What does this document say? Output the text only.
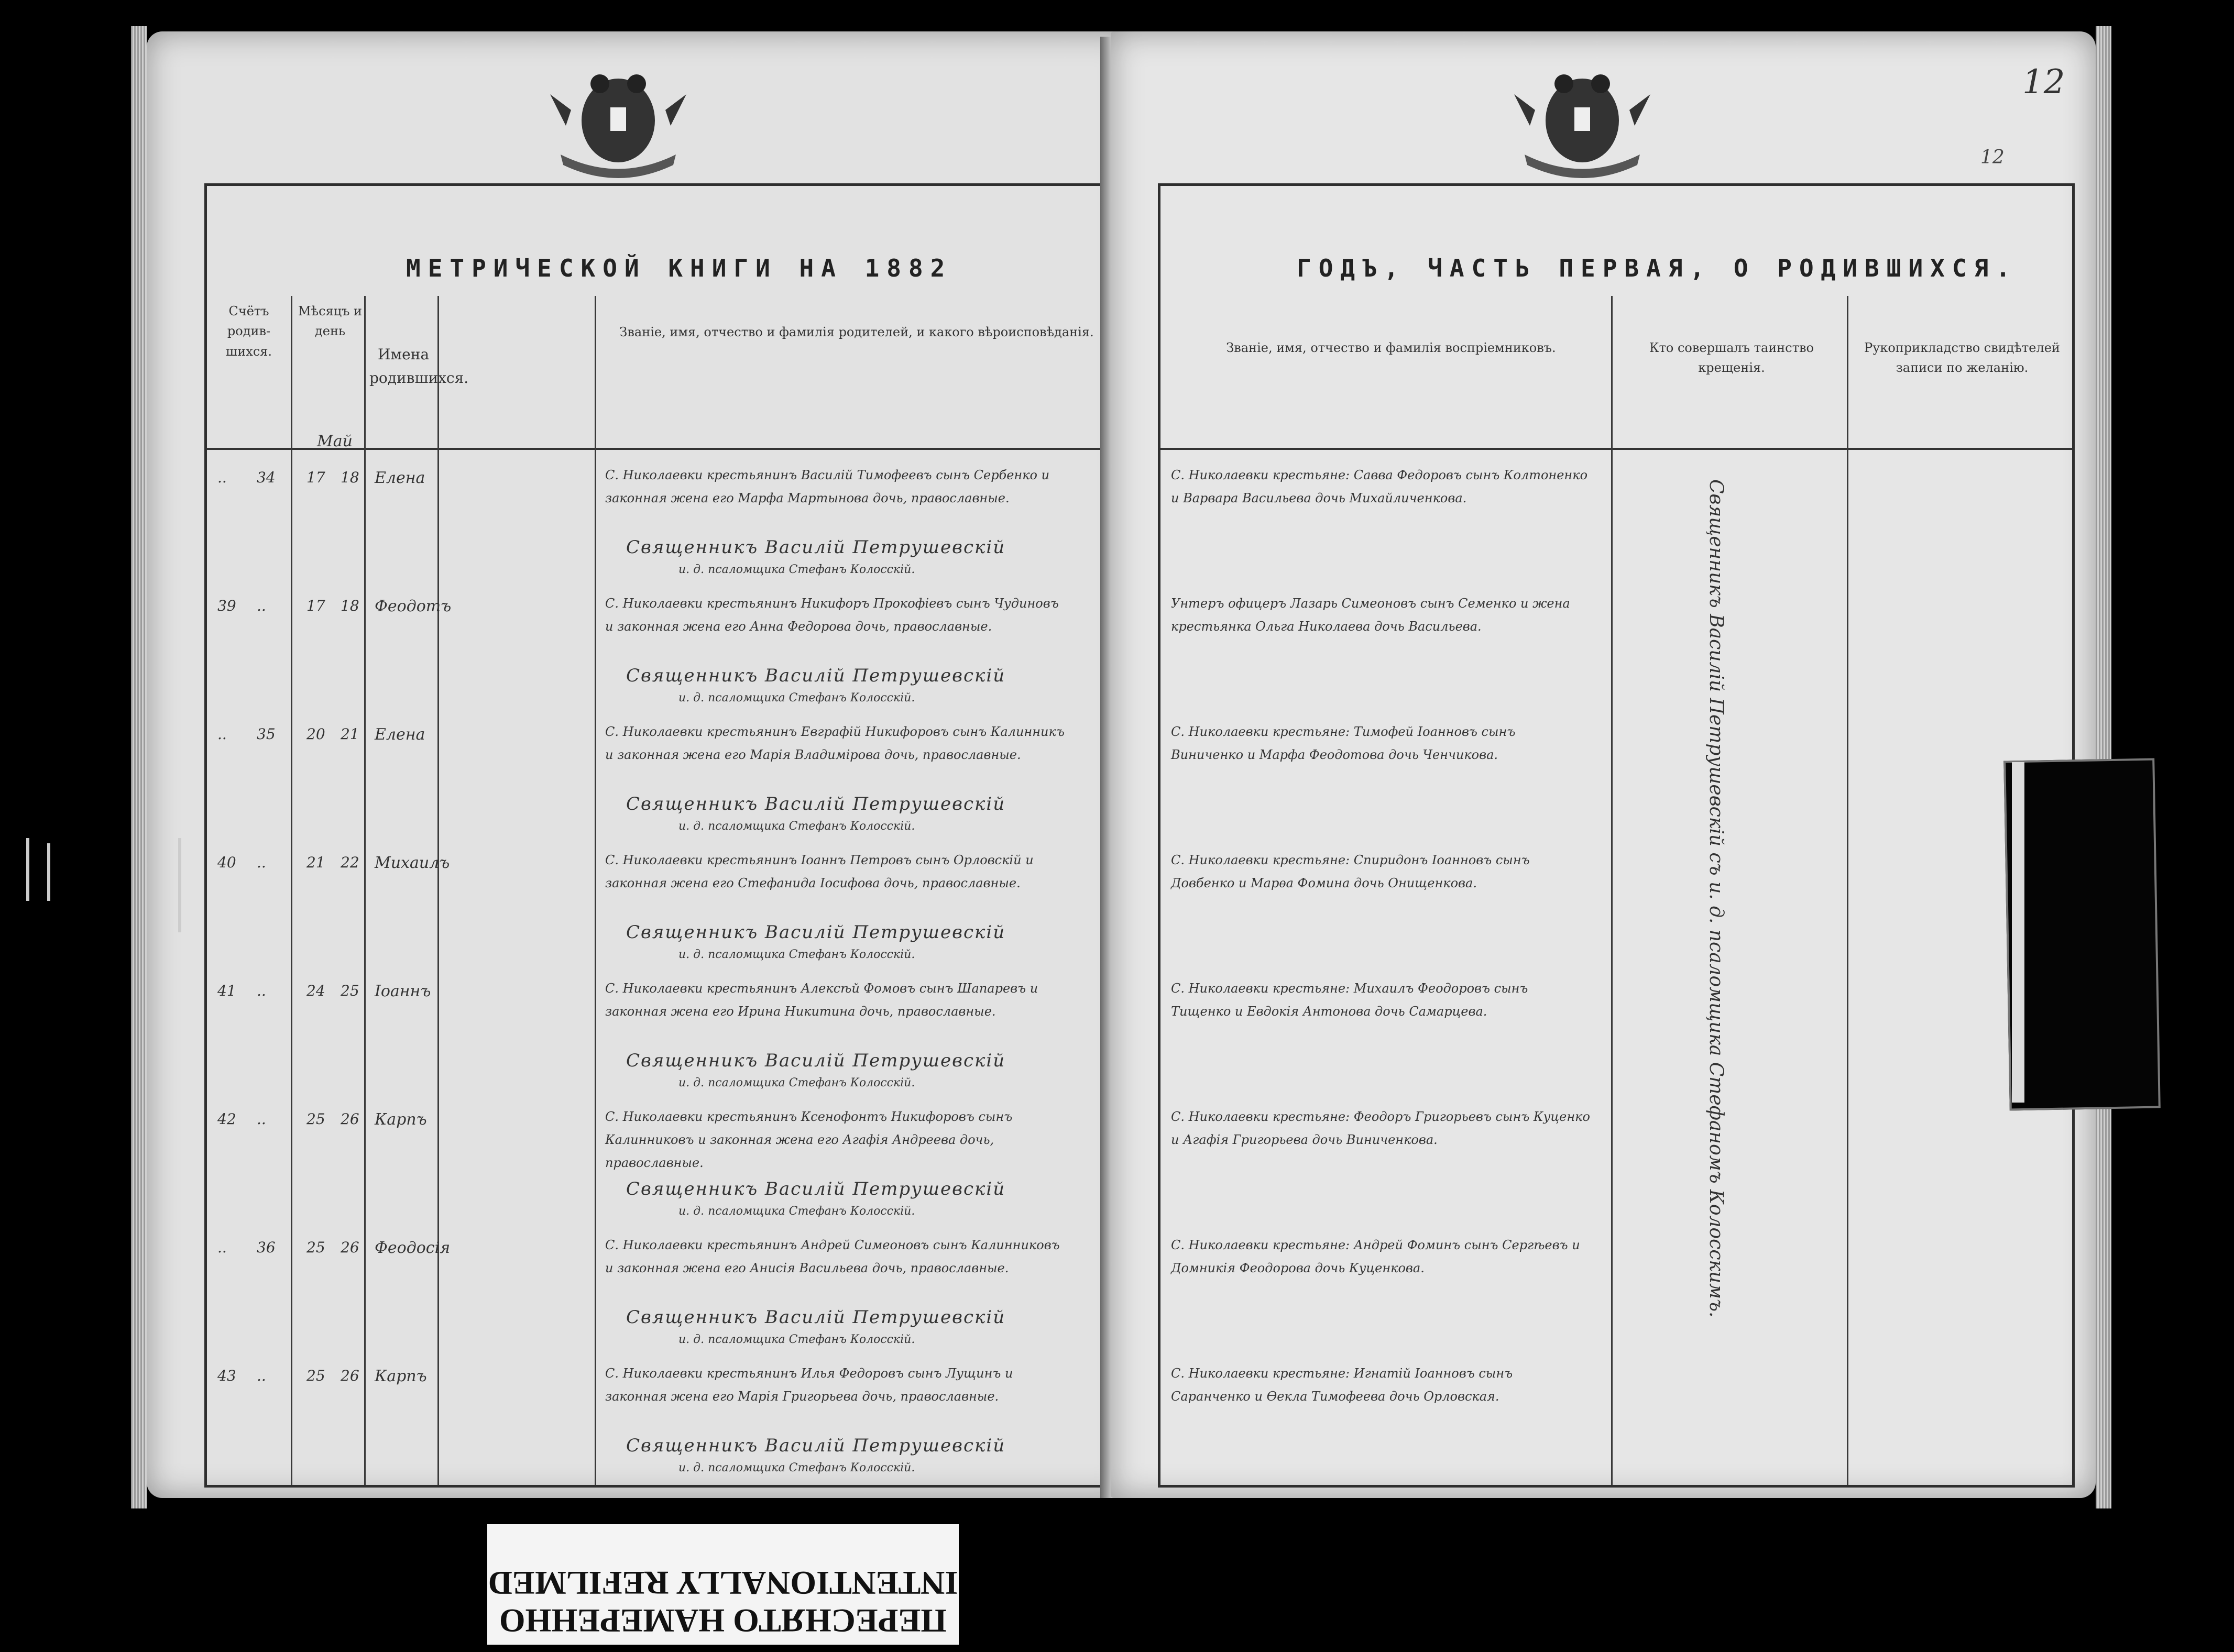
МЕТРИЧЕСКОЙ КНИГИ НА 1882
Счётъ родив-шихся.
Мѣсяцъ и день
Имена родившихся.
Званіе, имя, отчество и фамилія родителей, и какого вѣроисповѣданія.
Май
.. 34 17 18 Елена	С. Николаевки крестьянинъ Василій Тимофеевъ сынъ Сербенко и законная жена его Марфа Мартынова дочь, православные.
Священникъ Василій Петрушевскій
и. д. псаломщика Стефанъ Колосскій.
39 ..	17 18 Феодотъ	С. Николаевки крестьянинъ Никифоръ Прокофіевъ сынъ Чудиновъ и законная жена его Анна Федорова дочь, православные.
Священникъ Василій Петрушевскій
и. д. псаломщика Стефанъ Колосскій.
.. 35 20 21 Елена	С. Николаевки крестьянинъ Евграфій Никифоровъ сынъ Калинникъ и законная жена его Марія Владимірова дочь, православные.
Священникъ Василій Петрушевскій
и. д. псаломщика Стефанъ Колосскій.
40 ..	21 22 Михаилъ	С. Николаевки крестьянинъ Іоаннъ Петровъ сынъ Орловскій и законная жена его Стефанида Іосифова дочь, православные.
Священникъ Василій Петрушевскій
и. д. псаломщика Стефанъ Колосскій.
41 ..	24 25 Іоаннъ	С. Николаевки крестьянинъ Алексѣй Фомовъ сынъ Шапаревъ и законная жена его Ирина Никитина дочь, православные.
Священникъ Василій Петрушевскій
и. д. псаломщика Стефанъ Колосскій.
42 ..	25 26 Карпъ	С. Николаевки крестьянинъ Ксенофонтъ Никифоровъ сынъ Калинниковъ и законная жена его Агафія Андреева дочь, православные.
Священникъ Василій Петрушевскій
и. д. псаломщика Стефанъ Колосскій.
.. 36 25 26 Феодосія	С. Николаевки крестьянинъ Андрей Симеоновъ сынъ Калинниковъ и законная жена его Анисія Васильева дочь, православные.
Священникъ Василій Петрушевскій
и. д. псаломщика Стефанъ Колосскій.
43 ..	25 26 Карпъ	С. Николаевки крестьянинъ Илья Федоровъ сынъ Лущинъ и законная жена его Марія Григорьева дочь, православные.
Священникъ Василій Петрушевскій
и. д. псаломщика Стефанъ Колосскій.
12
12
ГОДЪ, ЧАСТЬ ПЕРВАЯ, О РОДИВШИХСЯ.
Званіе, имя, отчество и фамилія воспріемниковъ.	Кто совершалъ таинство крещенія.
Рукоприкладство свидѣтелей записи по желанію.
С. Николаевки крестьяне: Савва Федоровъ сынъ Колтоненко и Варвара Васильева дочь Михайличенкова.
Унтеръ офицеръ Лазарь Симеоновъ сынъ Семенко и жена крестьянка Ольга Николаева дочь Васильева.
С. Николаевки крестьяне: Тимофей Іоанновъ сынъ Виниченко и Марфа Феодотова дочь Ченчикова.
С. Николаевки крестьяне: Спиридонъ Іоанновъ сынъ Довбенко и Марѳа Фомина дочь Онищенкова.
С. Николаевки крестьяне: Михаилъ Феодоровъ сынъ Тищенко и Евдокія Антонова дочь Самарцева.
С. Николаевки крестьяне: Феодоръ Григорьевъ сынъ Куценко и Агафія Григорьева дочь Виниченкова.
С. Николаевки крестьяне: Андрей Фоминъ сынъ Сергѣевъ и Домникія Феодорова дочь Куценкова.
С. Николаевки крестьяне: Игнатій Іоанновъ сынъ Саранченко и Ѳекла Тимофеева дочь Орловская.
Священникъ Василій Петрушевскій съ и. д. псаломщика Стефаномъ Колосскимъ.
ПЕРЕСНЯТО НАМЕРЕННО
INTENTIONALLY REFILMED
